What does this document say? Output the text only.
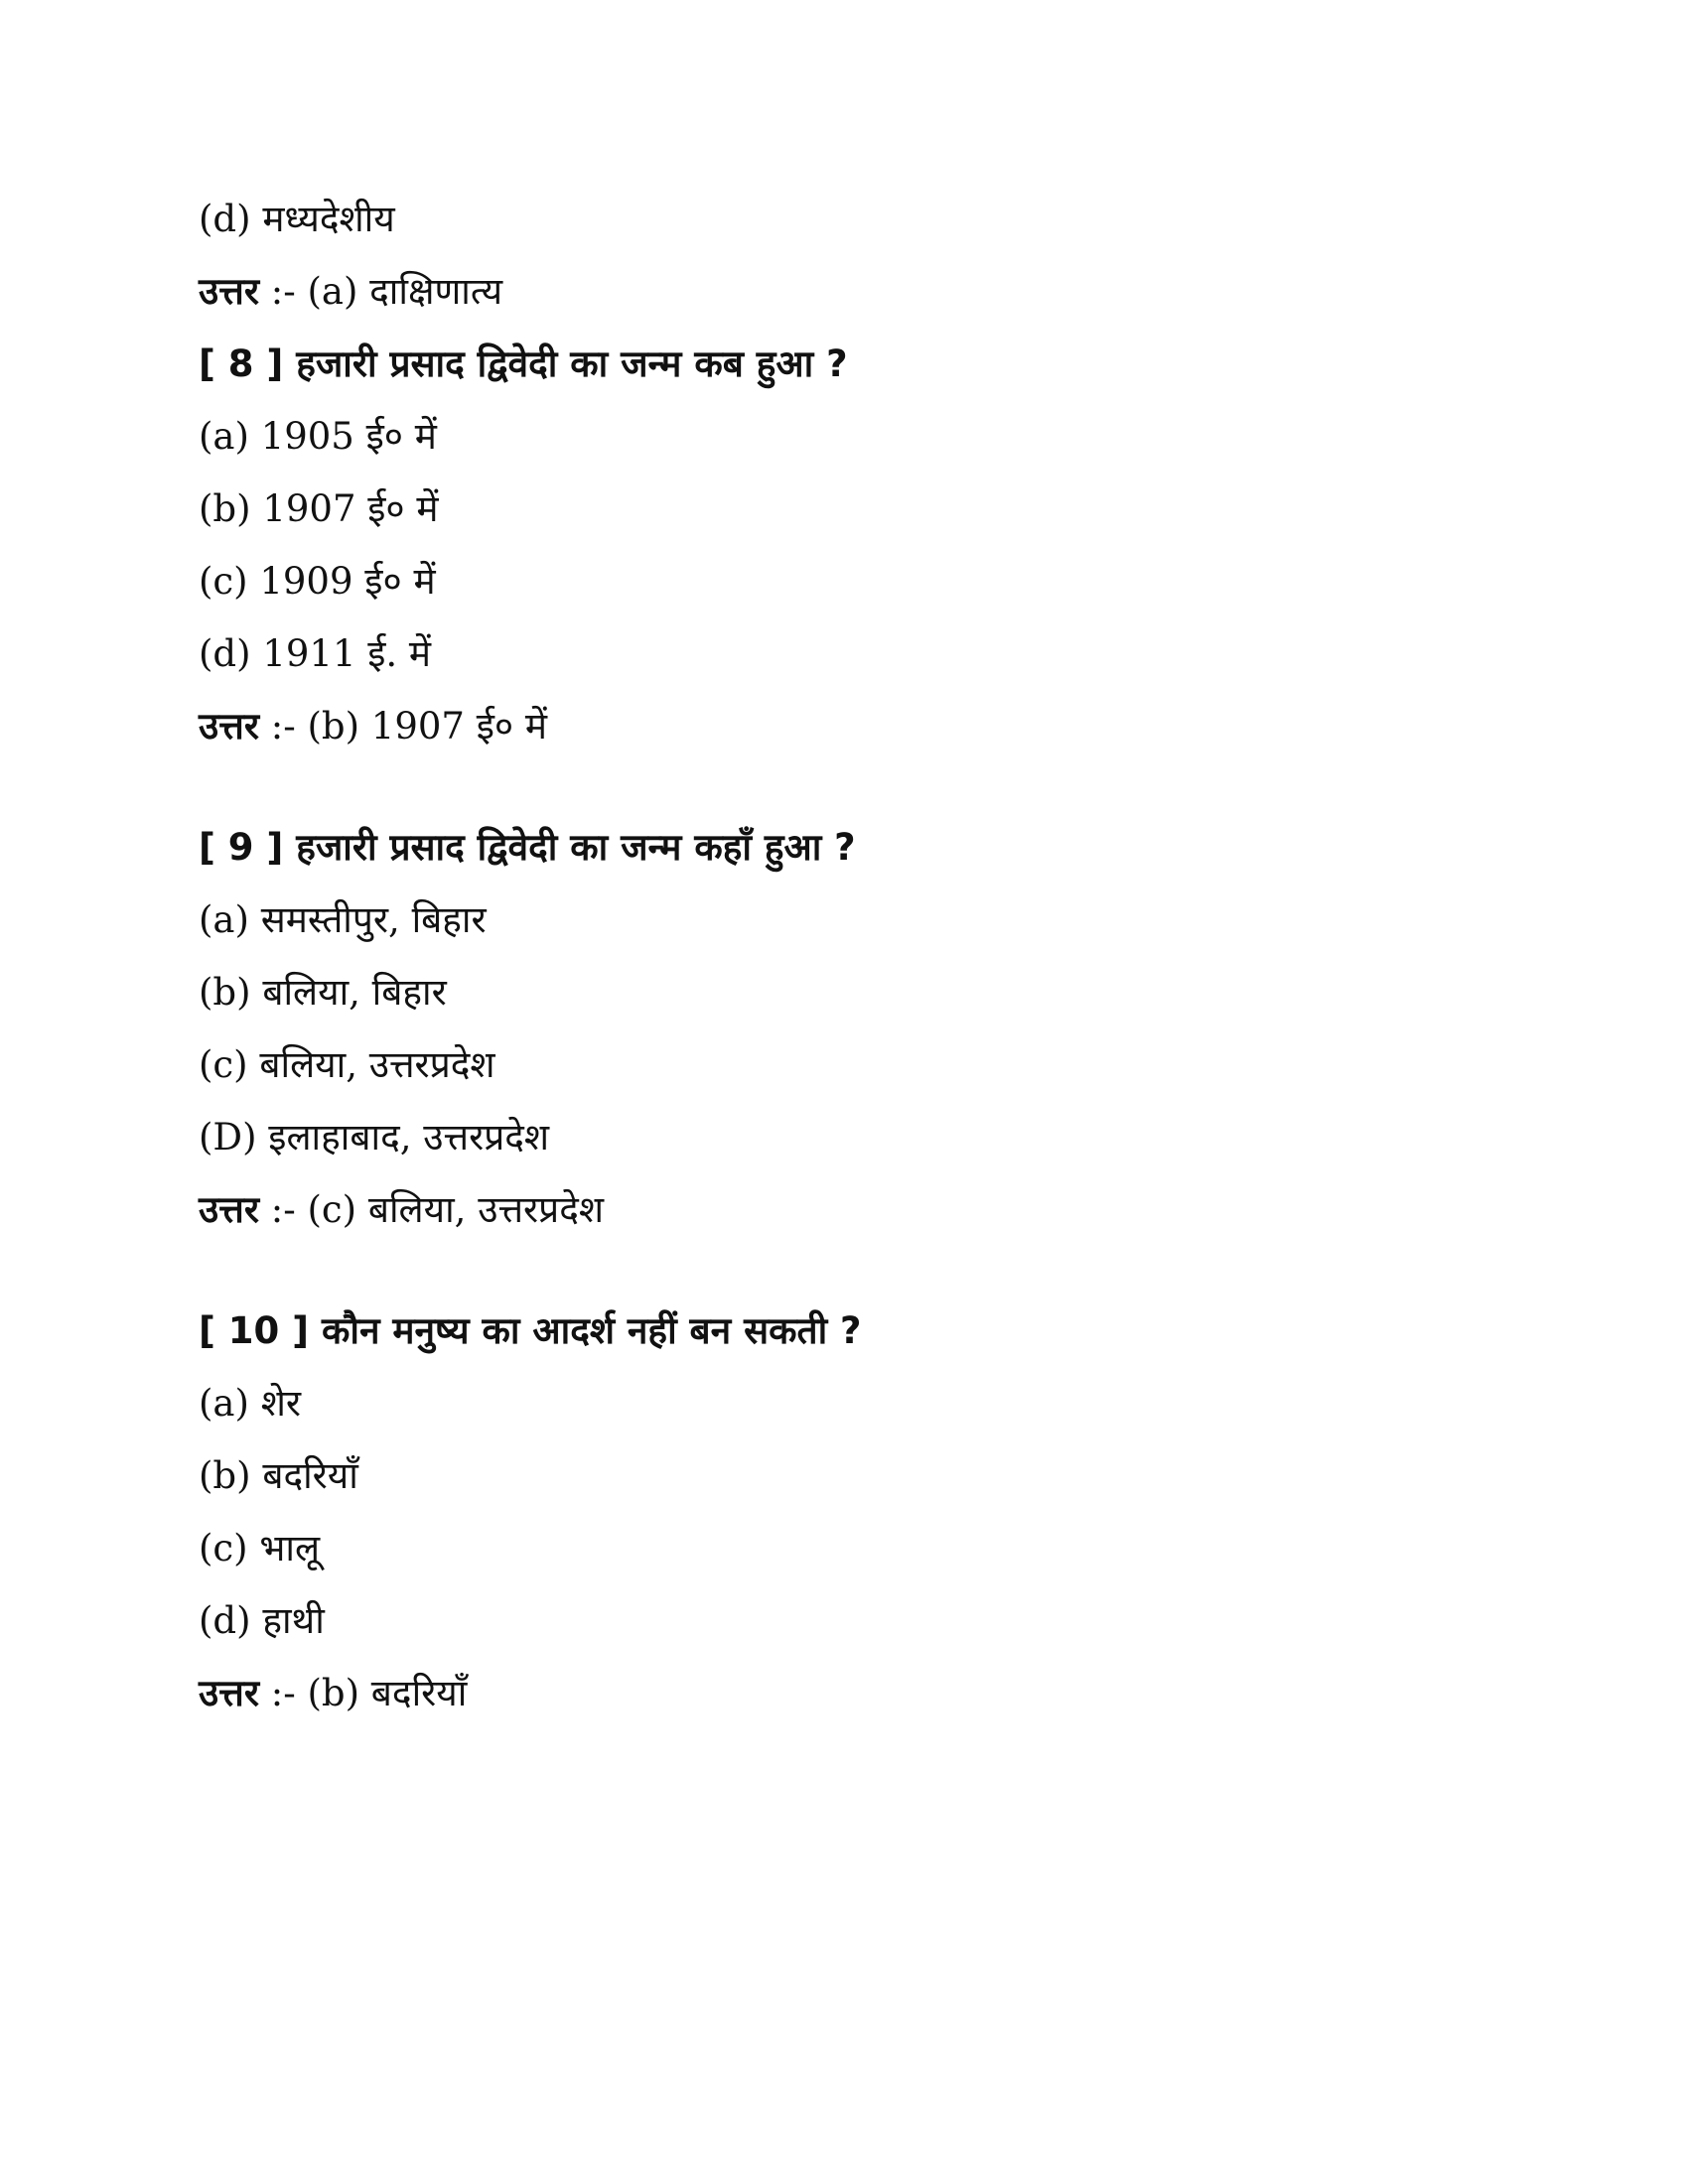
(d) मध्यदेशीय
उत्तर :- (a) दाक्षिणात्य
[ 8 ] हजारी प्रसाद द्विवेदी का जन्म कब हुआ ?
(a) 1905 ई० में
(b) 1907 ई० में
(c) 1909 ई० में
(d) 1911 ई. में
उत्तर :- (b) 1907 ई० में
[ 9 ] हजारी प्रसाद द्विवेदी का जन्म कहाँ हुआ ?
(a) समस्तीपुर, बिहार
(b) बलिया, बिहार
(c) बलिया, उत्तरप्रदेश
(D) इलाहाबाद, उत्तरप्रदेश
उत्तर :- (c) बलिया, उत्तरप्रदेश
[ 10 ] कौन मनुष्य का आदर्श नहीं बन सकती ?
(a) शेर
(b) बदरियाँ
(c) भालू
(d) हाथी
उत्तर :- (b) बदरियाँ
